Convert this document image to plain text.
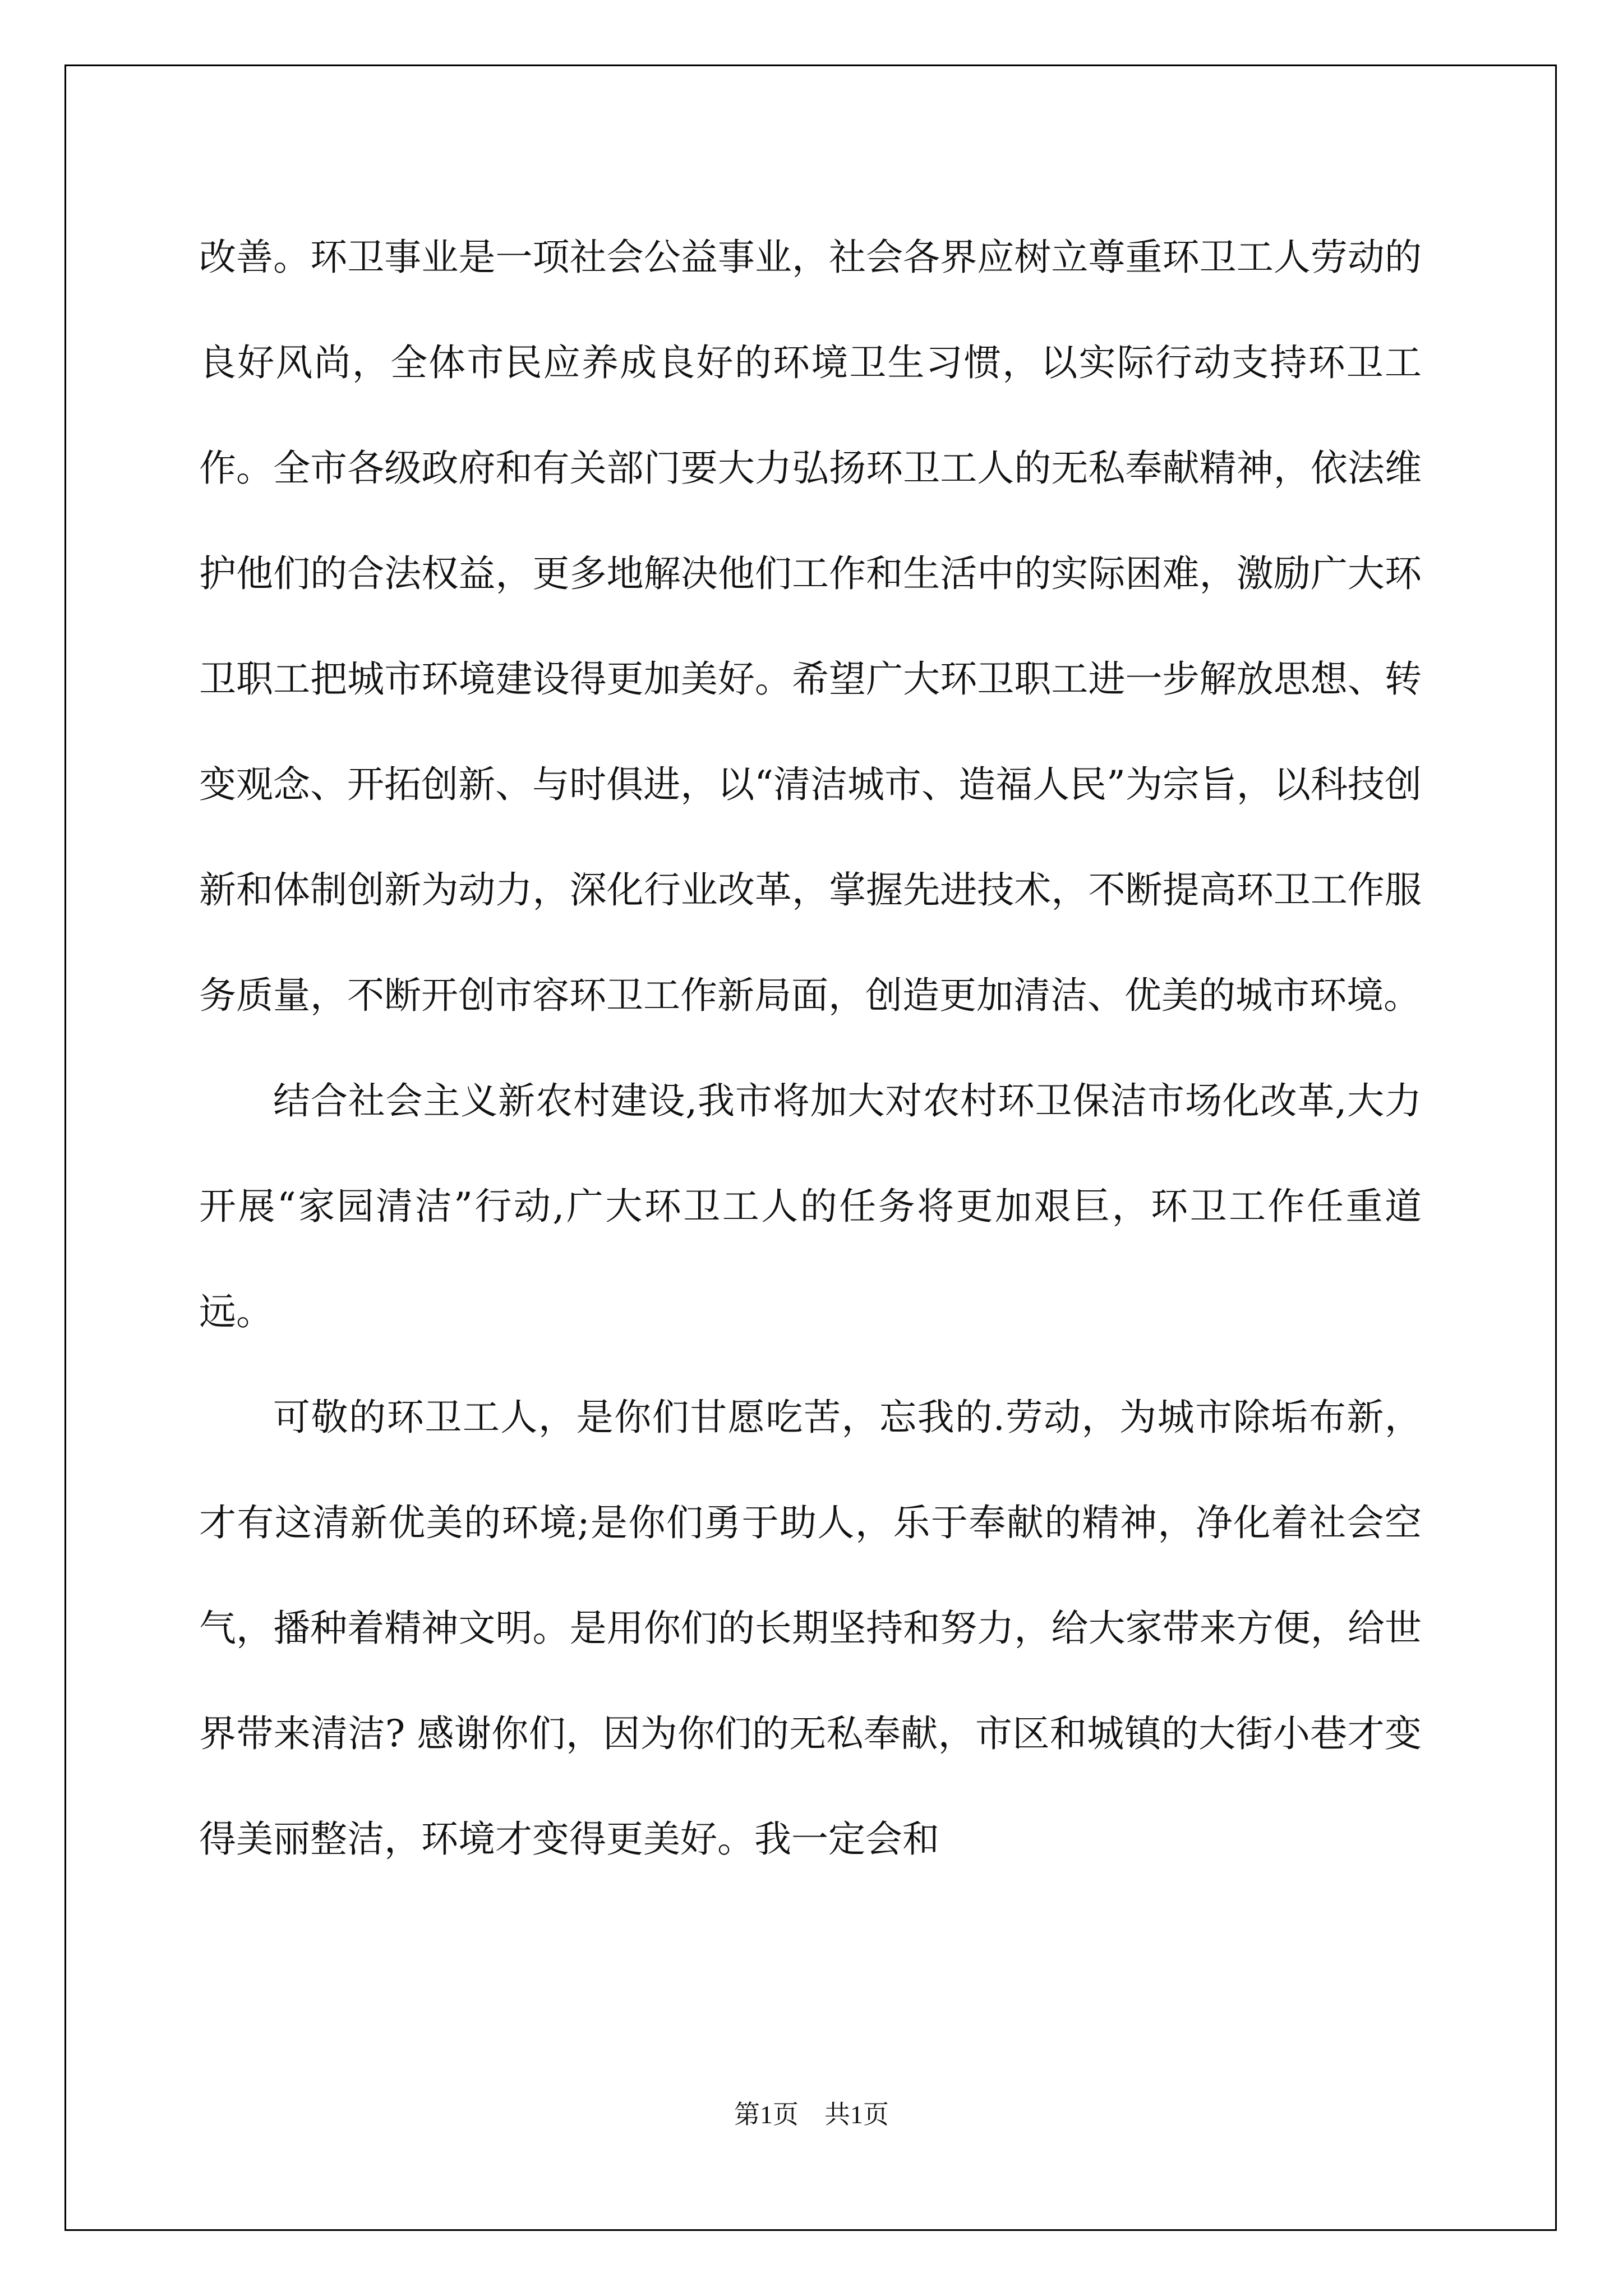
改善。环卫事业是一项社会公益事业，社会各界应树立尊重环卫工人劳动的良好风尚，全体市民应养成良好的环境卫生习惯，以实际行动支持环卫工作。全市各级政府和有关部门要大力弘扬环卫工人的无私奉献精神，依法维护他们的合法权益，更多地解决他们工作和生活中的实际困难，激励广大环卫职工把城市环境建设得更加美好。希望广大环卫职工进一步解放思想、转变观念、开拓创新、与时俱进，以“清洁城市、造福人民”为宗旨，以科技创新和体制创新为动力，深化行业改革，掌握先进技术，不断提高环卫工作服务质量，不断开创市容环卫工作新局面，创造更加清洁、优美的城市环境。

结合社会主义新农村建设,我市将加大对农村环卫保洁市场化改革,大力开展“家园清洁”行动,广大环卫工人的任务将更加艰巨，环卫工作任重道远。

可敬的环卫工人，是你们甘愿吃苦，忘我的.劳动，为城市除垢布新，才有这清新优美的环境;是你们勇于助人，乐于奉献的精神，净化着社会空气，播种着精神文明。是用你们的长期坚持和努力，给大家带来方便，给世界带来清洁? 感谢你们，因为你们的无私奉献，市区和城镇的大街小巷才变得美丽整洁，环境才变得更美好。我一定会和

第1页　共1页
